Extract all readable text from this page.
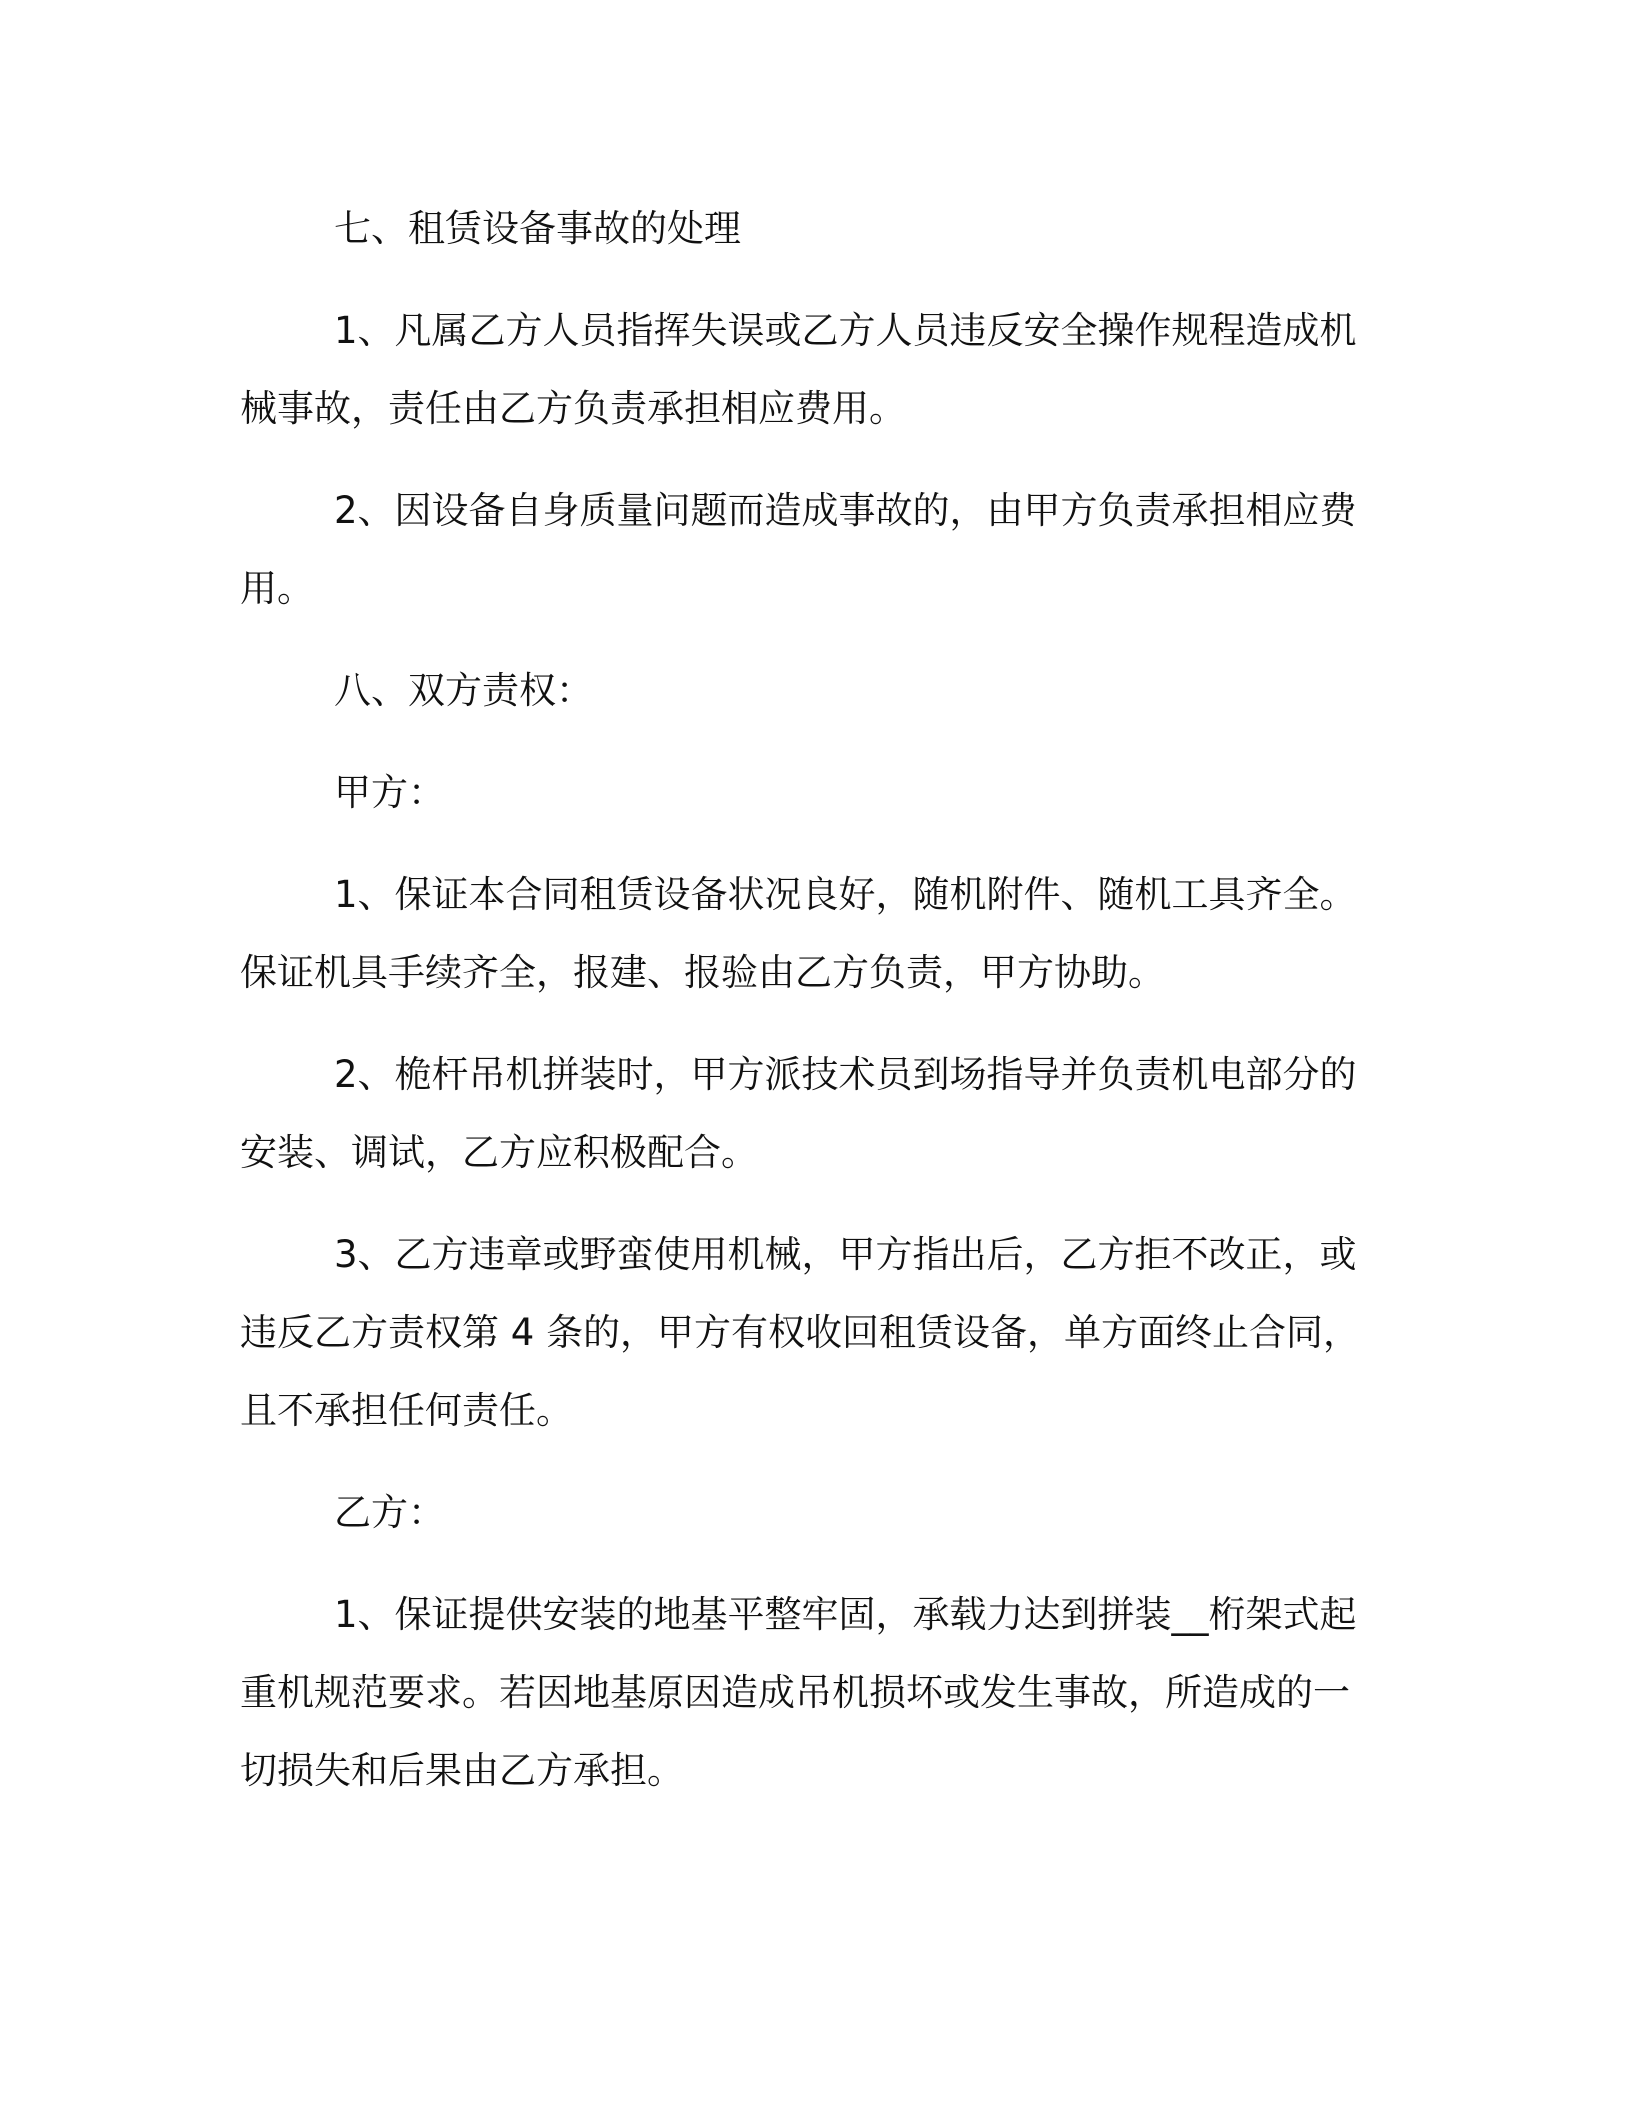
七、租赁设备事故的处理

1、凡属乙方人员指挥失误或乙方人员违反安全操作规程造成机械事故，责任由乙方负责承担相应费用。

2、因设备自身质量问题而造成事故的，由甲方负责承担相应费用。

八、双方责权：

甲方：

1、保证本合同租赁设备状况良好，随机附件、随机工具齐全。保证机具手续齐全，报建、报验由乙方负责，甲方协助。

2、桅杆吊机拼装时，甲方派技术员到场指导并负责机电部分的安装、调试，乙方应积极配合。

3、乙方违章或野蛮使用机械，甲方指出后，乙方拒不改正，或违反乙方责权第 4 条的，甲方有权收回租赁设备，单方面终止合同，且不承担任何责任。

乙方：

1、保证提供安装的地基平整牢固，承载力达到拼装__桁架式起重机规范要求。若因地基原因造成吊机损坏或发生事故，所造成的一切损失和后果由乙方承担。
